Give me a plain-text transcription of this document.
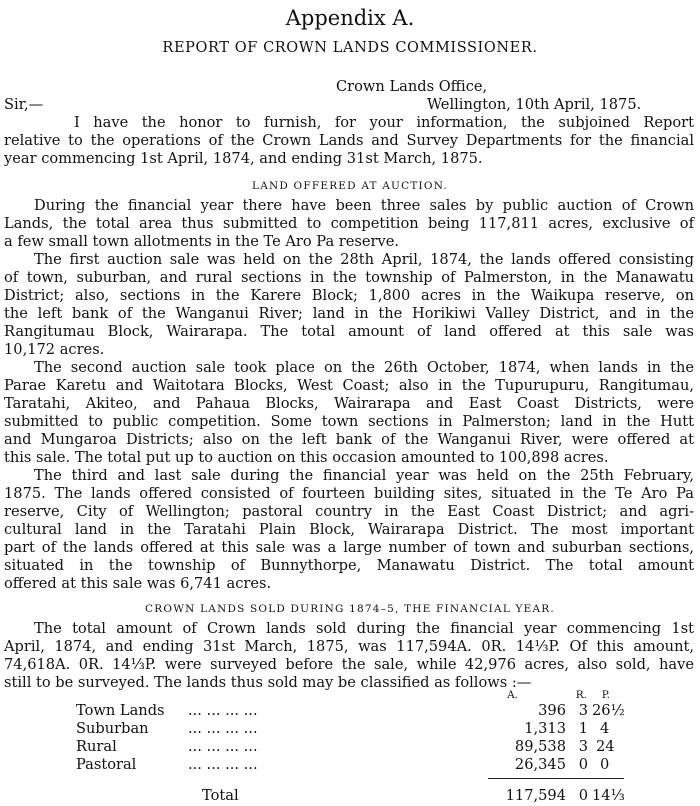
Appendix A.
REPORT OF CROWN LANDS COMMISSIONER.
Crown Lands Office,
Wellington, 10th April, 1875.
Sir,—
I have the honor to furnish, for your information, the subjoined Report
relative to the operations of the Crown Lands and Survey Departments for the financial
year commencing 1st April, 1874, and ending 31st March, 1875.
LAND OFFERED AT AUCTION.
During the financial year there have been three sales by public auction of Crown
Lands, the total area thus submitted to competition being 117,811 acres, exclusive of
a few small town allotments in the Te Aro Pa reserve.
The first auction sale was held on the 28th April, 1874, the lands offered consisting
of town, suburban, and rural sections in the township of Palmerston, in the Manawatu
District; also, sections in the Karere Block; 1,800 acres in the Waikupa reserve, on
the left bank of the Wanganui River; land in the Horikiwi Valley District, and in the
Rangitumau Block, Wairarapa. The total amount of land offered at this sale was
10,172 acres.
The second auction sale took place on the 26th October, 1874, when lands in the
Parae Karetu and Waitotara Blocks, West Coast; also in the Tupurupuru, Rangitumau,
Taratahi, Akiteo, and Pahaua Blocks, Wairarapa and East Coast Districts, were
submitted to public competition. Some town sections in Palmerston; land in the Hutt
and Mungaroa Districts; also on the left bank of the Wanganui River, were offered at
this sale. The total put up to auction on this occasion amounted to 100,898 acres.
The third and last sale during the financial year was held on the 25th February,
1875. The lands offered consisted of fourteen building sites, situated in the Te Aro Pa
reserve, City of Wellington; pastoral country in the East Coast District; and agri-
cultural land in the Taratahi Plain Block, Wairarapa District. The most important
part of the lands offered at this sale was a large number of town and suburban sections,
situated in the township of Bunnythorpe, Manawatu District. The total amount
offered at this sale was 6,741 acres.
CROWN LANDS SOLD DURING 1874–5, THE FINANCIAL YEAR.
The total amount of Crown lands sold during the financial year commencing 1st
April, 1874, and ending 31st March, 1875, was 117,594A. 0R. 14⅓P. Of this amount,
74,618A. 0R. 14⅓P. were surveyed before the sale, while 42,976 acres, also sold, have
still to be surveyed. The lands thus sold may be classified as follows :—
A.	R.	P.
Town Lands ... ... ... ...	396 3 26½
Suburban	... ... ... ...	1,313 1 4
Rural	... ... ... ...	89,538 3 24
Pastoral	... ... ... ...	26,345 0 0
Total	117,594 0 14⅓
